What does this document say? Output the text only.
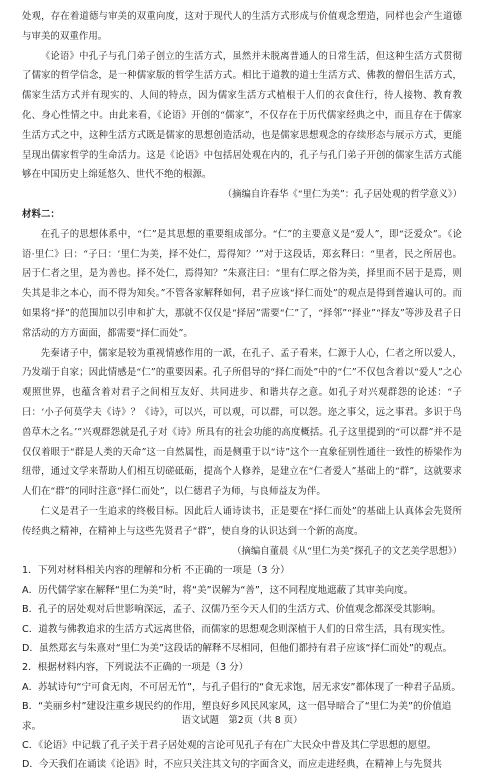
处观，存在着道德与审美的双重向度，这对于现代人的生活方式形成与价值观念塑造，同样也会产生道德与审美的双重作用。

《论语》中孔子与孔门弟子创立的生活方式，虽然并未脱离普通人的日常生活，但这种生活方式贯彻了儒家的哲学信念，是一种儒家版的哲学生活方式。相比于道教的道士生活方式、佛教的僧侣生活方式，儒家生活方式并有现实的、人间的特点，因为儒家生活方式植根于人们的衣食住行，待人接物、教育教化、身心性情之中。由此来看，《论语》开创的“儒家”，不仅存在于历代儒家经典之中，而且存在于儒家生活方式之中，这种生活方式既是儒家的思想创造活动，也是儒家思想观念的存续形态与展示方式，更能呈现出儒家哲学的生命活力。这是《论语》中包括居处观在内的，孔子与孔门弟子开创的儒家生活方式能够在中国历史上绵延悠久、世代不绝的根源。

（摘编自许春华《“里仁为美”：孔子居处观的哲学意义》）

材料二：

在孔子的思想体系中，“仁”是其思想的重要组成部分。“仁”的主要意义是“爱人”，即“泛爱众”。《论语·里仁》曰：“子曰：‘里仁为美，择不处仁，焉得知？’”对于这段话，郑玄释曰：“里者，民之所居也。居于仁者之里，是为善也。择不处仁，焉得知？”朱熹注曰：“里有仁厚之俗为美，择里而不居于是焉，则失其是非之本心，而不得为知矣。”不管各家解释如何，君子应该“择仁而处”的观点是得到普遍认可的。而如果将“择”的范围加以引申和扩大，那就不仅仅是“择居”需要“仁”了，“择邻”“择业”“择友”等涉及君子日常活动的方方面面，都需要“择仁而处”。

先秦诸子中，儒家是较为重视情感作用的一派，在孔子、孟子看来，仁源于人心，仁者之所以爱人，乃发端于自家；因此情感是“仁”的重要因素。孔子所倡导的“择仁而处”中的“仁”不仅包含着以“爱人”之心观照世界，也蕴含着对君子之间相互友好、共同进步、和谐共存之意。如孔子对兴观群怨的论述：“子曰：‘小子何莫学夫《诗》？《诗》，可以兴，可以观，可以群，可以怨。迩之事父，远之事君。多识于鸟兽草木之名。’”兴观群怨就是孔子对《诗》所具有的社会功能的高度概括。孔子这里提到的“可以群”并不是仅仅着眼于“群是人类的天命”这一自然属性，而是侧重于以“诗”这个一直象征别性通往一致性的桥梁作为纽带，通过文学来帮助人们相互切磋砥砺，提高个人修养，是建立在“仁者爱人”基础上的“群”，这就要求人们在“群”的同时注意“择仁而处”，以仁德君子为师，与良师益友为伴。

仁义是君子一生追求的终极目标。因此后人诵诗读书，正是要在“择仁而处”的基础上认真体会先贤所传经典之精神，在精神上与这些先贤君子“群”，使自身的认识达到一个新的高度。

（摘编自董晨《从“里仁为美”探孔子的文艺美学思想》）

1．下列对材料相关内容的理解和分析 不正确的一项是（3 分）

A．历代儒学家在解释“里仁为美”时，将“美”误解为“善”，这不同程度地遮蔽了其审美向度。

B．孔子的居处观对后世影响深远，孟子、汉儒乃至今天人们的生活方式、价值观念都深受其影响。

C．道教与佛教追求的生活方式远离世俗，而儒家的思想观念则深植于人们的日常生活，具有现实性。

D．虽然郑玄与朱熹对“里仁为美”这段话的解释不尽相同，但他们都持有君子应该“择仁而处”的观点。

2．根据材料内容，下列说法不正确的一项是（3 分）

A．苏轼诗句“宁可食无肉，不可居无竹”，与孔子倡行的“食无求饱，居无求安”都体现了一种君子品质。

B．“美丽乡村”建设注重乡规民约的作用，塑良好乡风民风家风，这一倡导暗合了“里仁为美”的价值追求。

C．《论语》中记载了孔子关于君子居处观的言论可见孔子有在广大民众中普及其仁学思想的愿望。

D．今天我们在诵读《论语》时，不应只关注其文句的字面含义，而应走进经典，在精神上与先贤共

语文试题　第2页（共 8 页）
